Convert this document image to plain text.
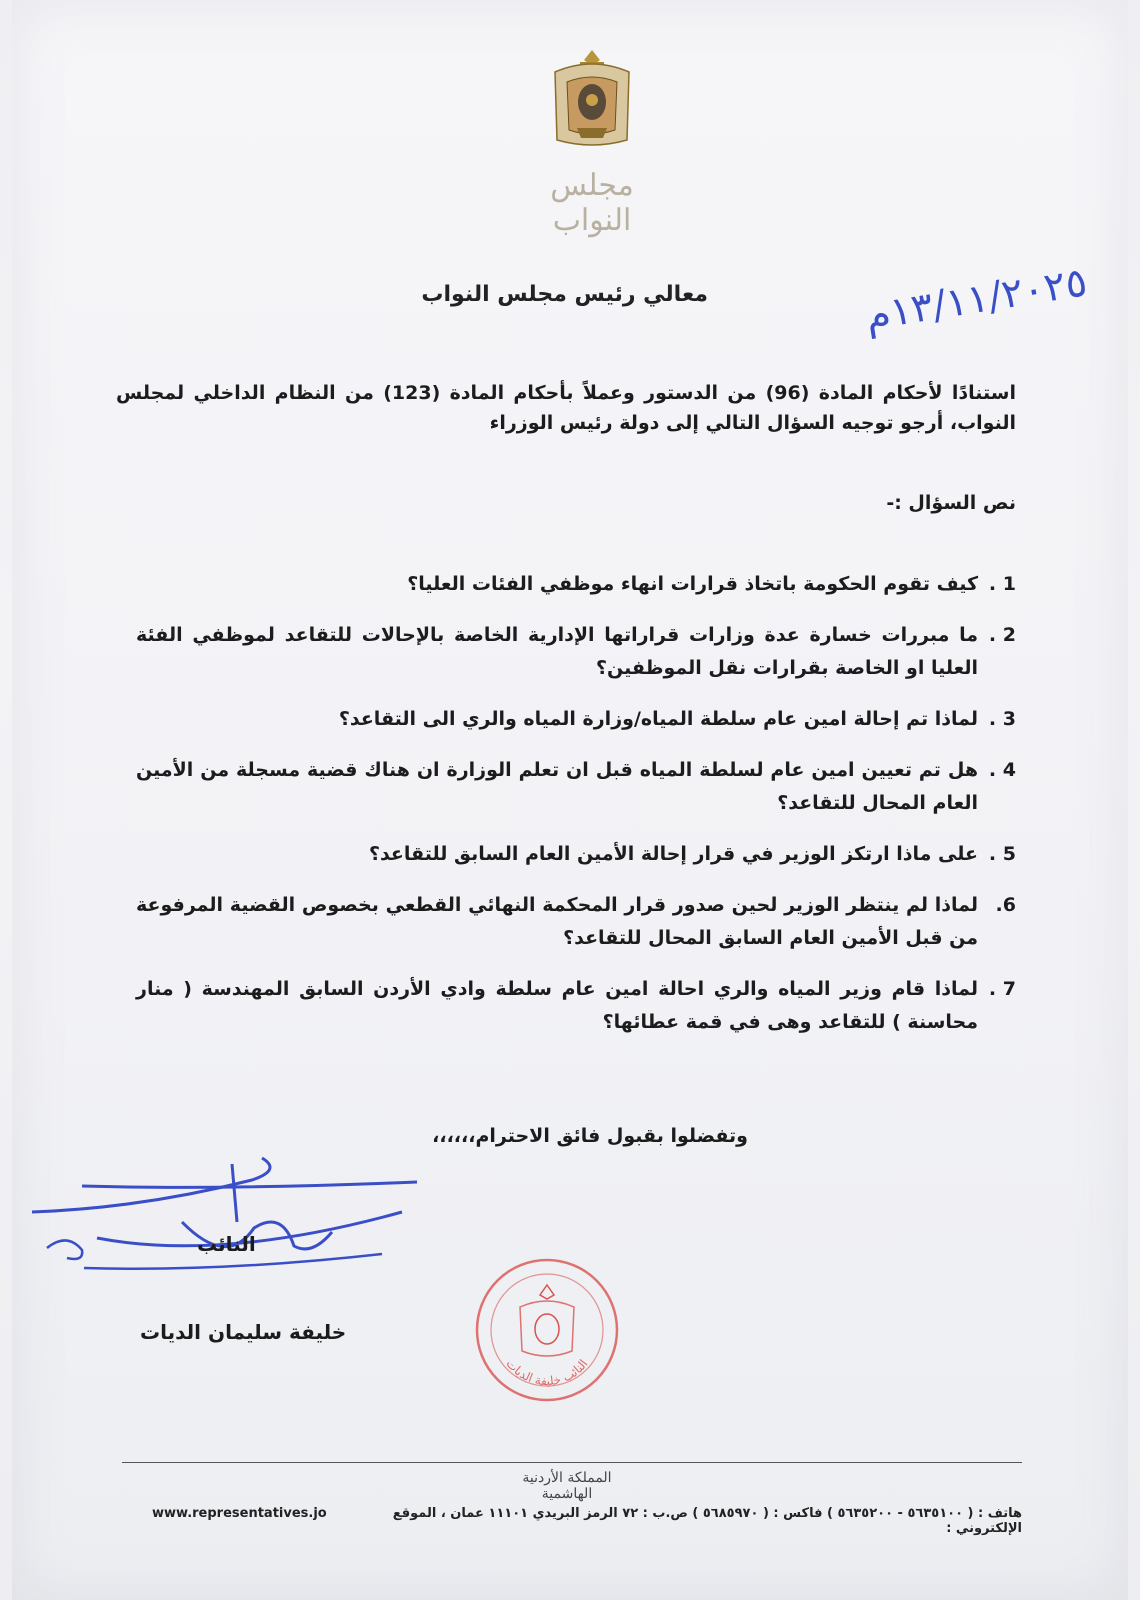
مجلس النواب
معالي رئيس مجلس النواب	١٣/١١/٢٠٢٥م
استنادًا لأحكام المادة (96) من الدستور وعملاً بأحكام المادة (123) من النظام الداخلي لمجلس النواب، أرجو توجيه السؤال التالي إلى دولة رئيس الوزراء
نص السؤال :-
1 .
كيف تقوم الحكومة باتخاذ قرارات انهاء موظفي الفئات العليا؟
2 .
ما مبررات خسارة عدة وزارات قراراتها الإدارية الخاصة بالإحالات للتقاعد لموظفي الفئة العليا او الخاصة بقرارات نقل الموظفين؟
3 .
لماذا تم إحالة امين عام سلطة المياه/وزارة المياه والري الى التقاعد؟
4 .
هل تم تعيين امين عام لسلطة المياه قبل ان تعلم الوزارة ان هناك قضية مسجلة من الأمين العام المحال للتقاعد؟
5 .
على ماذا ارتكز الوزير في قرار إحالة الأمين العام السابق للتقاعد؟
6.
لماذا لم ينتظر الوزير لحين صدور قرار المحكمة النهائي القطعي بخصوص القضية المرفوعة من قبل الأمين العام السابق المحال للتقاعد؟
7 .
لماذا قام وزير المياه والري احالة امين عام سلطة وادي الأردن السابق المهندسة ( منار محاسنة ) للتقاعد وهى في قمة عطائها؟
وتفضلوا بقبول فائق الاحترام،،،،،،
النائب
خليفة سليمان الديات
النائب خليفة الديات
المملكة الأردنية الهاشمية
هاتف : ( ٥٦٣٥١٠٠ - ٥٦٣٥٢٠٠ ) فاكس : ( ٥٦٨٥٩٧٠ ) ص.ب : ٧٢ الرمز البريدي ١١١٠١ عمان ، الموقع الإلكتروني :
www.representatives.jo
